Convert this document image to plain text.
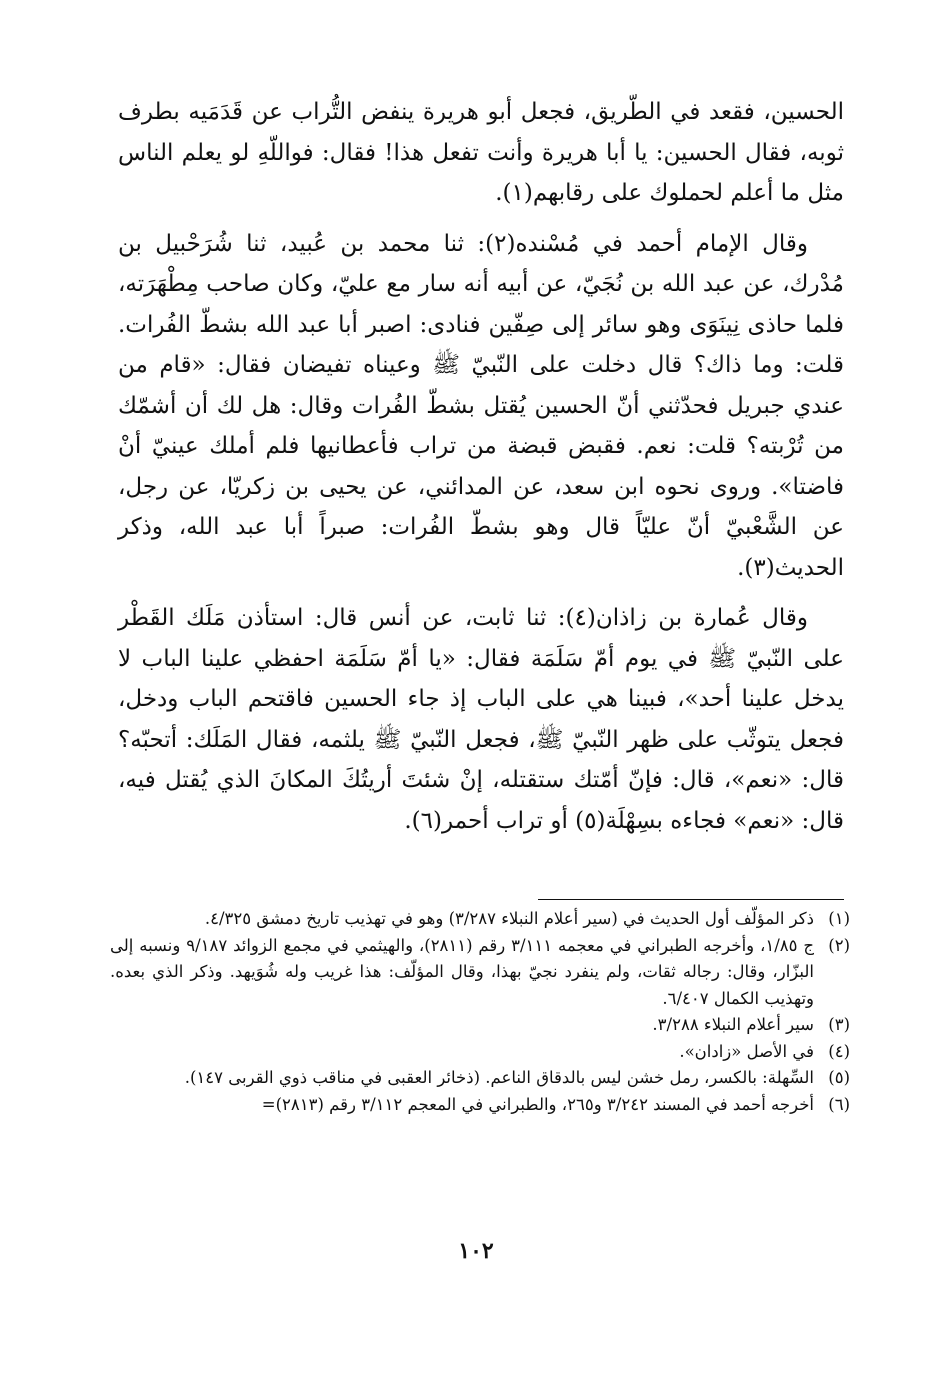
الحسين، فقعد في الطّريق، فجعل أبو هريرة ينفض التُّراب عن قَدَمَيه بطرف ثوبه، فقال الحسين: يا أبا هريرة وأنت تفعل هذا! فقال: فواللّهِ لو يعلم الناس مثل ما أعلم لحملوك على رقابهم(١).

وقال الإمام أحمد في مُسْنده(٢): ثنا محمد بن عُبيد، ثنا شُرَحْبيل بن مُدْرك، عن عبد الله بن نُجَيّ، عن أبيه أنه سار مع عليّ، وكان صاحب مِطْهَرَته، فلما حاذى نِينَوَى وهو سائر إلى صِفّين فنادى: اصبر أبا عبد الله بشطّ الفُرات. قلت: وما ذاك؟ قال دخلت على النّبيّ ﷺ وعيناه تفيضان فقال: «قام من عندي جبريل فحدّثني أنّ الحسين يُقتل بشطّ الفُرات وقال: هل لك أن أشمّك من تُرْبته؟ قلت: نعم. فقبض قبضة من تراب فأعطانيها فلم أملك عينيّ أنْ فاضتا». وروى نحوه ابن سعد، عن المدائني، عن يحيى بن زكريّا، عن رجل، عن الشَّعْبيّ أنّ عليّاً قال وهو بشطّ الفُرات: صبراً أبا عبد الله، وذكر الحديث(٣).

وقال عُمارة بن زاذان(٤): ثنا ثابت، عن أنس قال: استأذن مَلَك القَطْر على النّبيّ ﷺ في يوم أمّ سَلَمَة فقال: «يا أمّ سَلَمَة احفظي علينا الباب لا يدخل علينا أحد»، فبينا هي على الباب إذ جاء الحسين فاقتحم الباب ودخل، فجعل يتوثّب على ظهر النّبيّ ﷺ، فجعل النّبيّ ﷺ يلثمه، فقال المَلَك: أتحبّه؟ قال: «نعم»، قال: فإنّ أمّتك ستقتله، إنْ شئتَ أريتُكَ المكانَ الذي يُقتل فيه، قال: «نعم» فجاءه بسِهْلَة(٥) أو تراب أحمر(٦).

(١)
ذكر المؤلّف أول الحديث في (سير أعلام النبلاء ٣/٢٨٧) وهو في تهذيب تاريخ دمشق ٤/٣٢٥.
(٢)
ج ١/٨٥، وأخرجه الطبراني في معجمه ٣/١١١ رقم (٢٨١١)، والهيثمي في مجمع الزوائد ٩/١٨٧ ونسبه إلى البزّار، وقال: رجاله ثقات، ولم ينفرد نجيّ بهذا، وقال المؤلّف: هذا غريب وله شُوَيهد. وذكر الذي بعده. وتهذيب الكمال ٦/٤٠٧.
(٣)
سير أعلام النبلاء ٣/٢٨٨.
(٤)
في الأصل «زادان».
(٥)
السِّهلة: بالكسر، رمل خشن ليس بالدقاق الناعم. (ذخائر العقبى في مناقب ذوي القربى ١٤٧).
(٦)
أخرجه أحمد في المسند ٣/٢٤٢ و٢٦٥، والطبراني في المعجم ٣/١١٢ رقم (٢٨١٣)=
١٠٢
